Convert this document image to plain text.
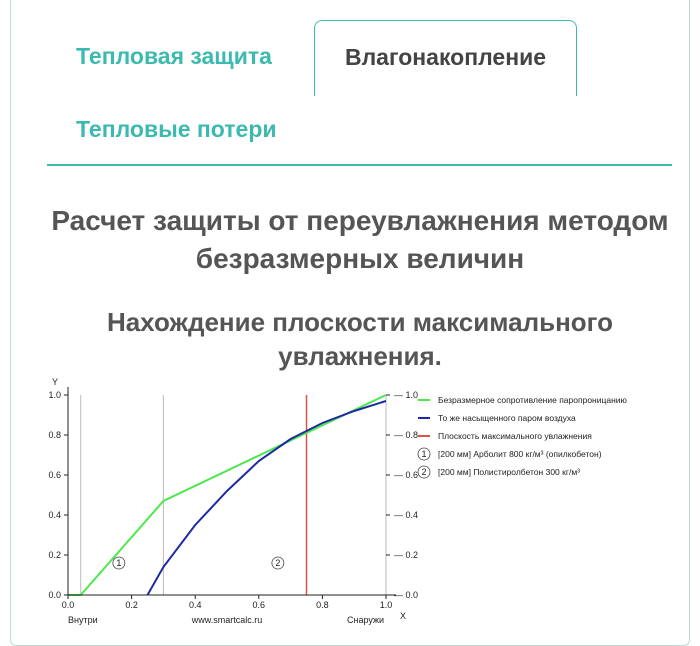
Тепловая защита	Влагонакопление
Тепловые потери
Расчет защиты от переувлажнения методом безразмерных величин
Нахождение плоскости максимального увлажнения.
1	2
Y
X
0.0	— 0.0
0.2	— 0.2
0.4	— 0.4
0.6	— 0.6
0.8	— 0.8
1.0	— 1.0
0.0	0.2	0.4	0.6	0.8	1.0
Внутри	www.smartcalc.ru	Снаружи
Безразмерное сопротивление паропроницанию
То же насыщенного паром воздуха
Плоскость максимального увлажнения
1 [200 мм] Арболит 800 кг/м³ (опилкобетон)
2 [200 мм] Полистиролбетон 300 кг/м³
